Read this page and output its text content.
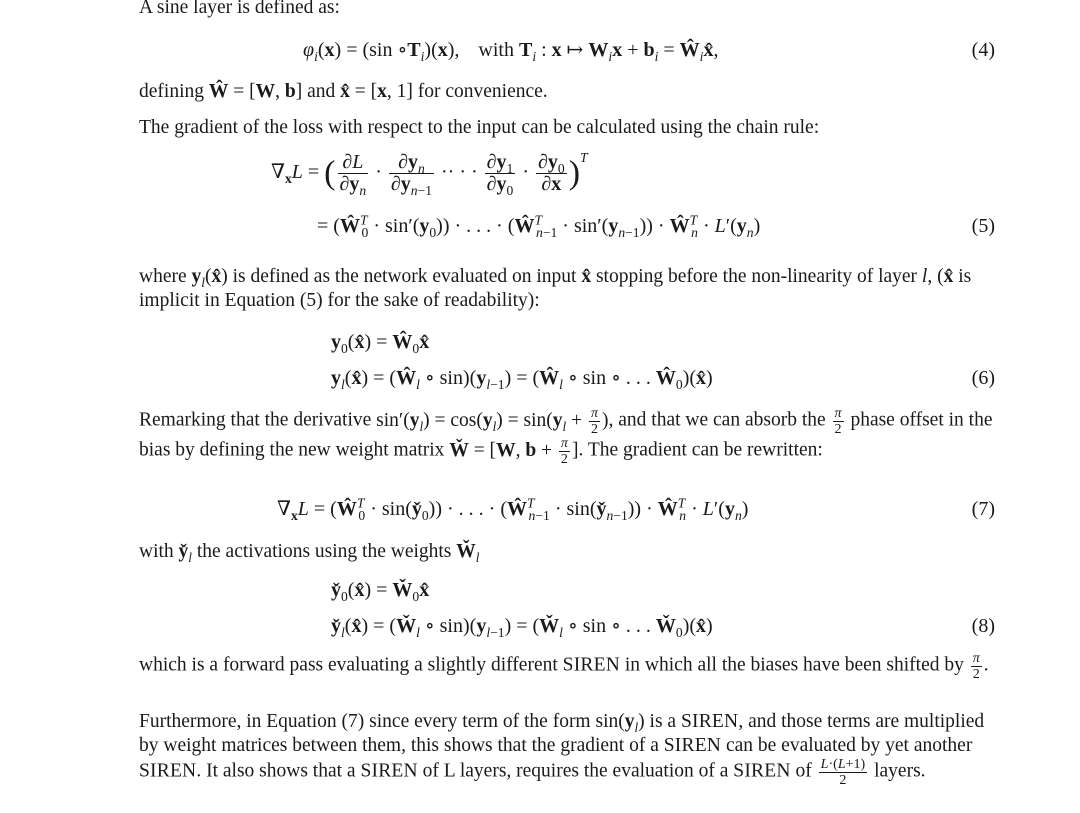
A sine layer is defined as:
$\varphi_i(x) = (\sin$ $\circ T_i)(x)$, with $T_i$ : x ↦ $W_ix + b_i$ = $Ŵ_ix̂$,	(4)
defining Ŵ = [W, b] and x̂ = [x, 1] for convenience.
The gradient of the loss with respect to the input can be calculated using the chain rule:
$\nabla_xL$ = ( $\frac{\partial L}{\partial y_n} \cdot \frac{\partial y_n}{\partial y_{n-1}}$ ·· · · $\frac{\partial y_1}{\partial y_0} \cdot \frac{\partial y_0}{\partial x} )^T$
= $(Ŵ^T_0 \cdot \sin'(y_0))$ · . . . · $(Ŵ^T_{n-1} \cdot \sin'(y_{n-1}))$ · $Ŵ^T_n \cdot L'(y_n)$	(5)
where $y_l(x̂)$ is defined as the network evaluated on input x̂ stopping before the non-linearity of layer l, (x̂ is implicit in Equation (5) for the sake of readability):
$y_0(x̂)$ = $Ŵ_0x̂$
$y_l(x̂)$ = ($Ŵ_l$ ∘ $\sin)(y_{l-1})$ = ($Ŵ_l$ ∘ sin ∘ . . . $Ŵ_0)(x̂)$	(6)
Remarking that the derivative $\sin'(y_l) = \cos(y_l) = \sin(y_l + \frac{\pi}{2}$ ), and that we can absorb the $\frac{\pi}{2}$ phase offset in the bias by defining the new weight matrix W̌ = [W, $b + \frac{\pi}{2}$ ]. The gradient can be rewritten:
$\nabla_xL$ = ($Ŵ^T_0$ · $\sin(y̌_0)$) · . . . · ($Ŵ^T_{n-1}$ · $\sin(y̌_{n-1})$) · $Ŵ^T_n \cdot L'(y_n)$	(7)
with $y̌_l$ the activations using the weights $W̌_l$
$y̌_0(x̂)$ = $W̌_0x̂$
$y̌_l(x̂)$ = ($W̌_l$ ∘ $\sin)(y_{l-1})$ = ($W̌_l$ ∘ sin ∘ . . . $W̌_0)(x̂)$	(8)
which is a forward pass evaluating a slightly different SIREN in which all the biases have been shifted by $\frac{\pi}{2}$ .
Furthermore, in Equation (7) since every term of the form $\sin(y_l)$ is a SIREN, and those terms are multiplied by weight matrices between them, this shows that the gradient of a SIREN can be evaluated by yet another SIREN. It also shows that a SIREN of L layers, requires the evaluation of a SIREN of $\frac{L\cdot(L+1)}{2}$ layers.
